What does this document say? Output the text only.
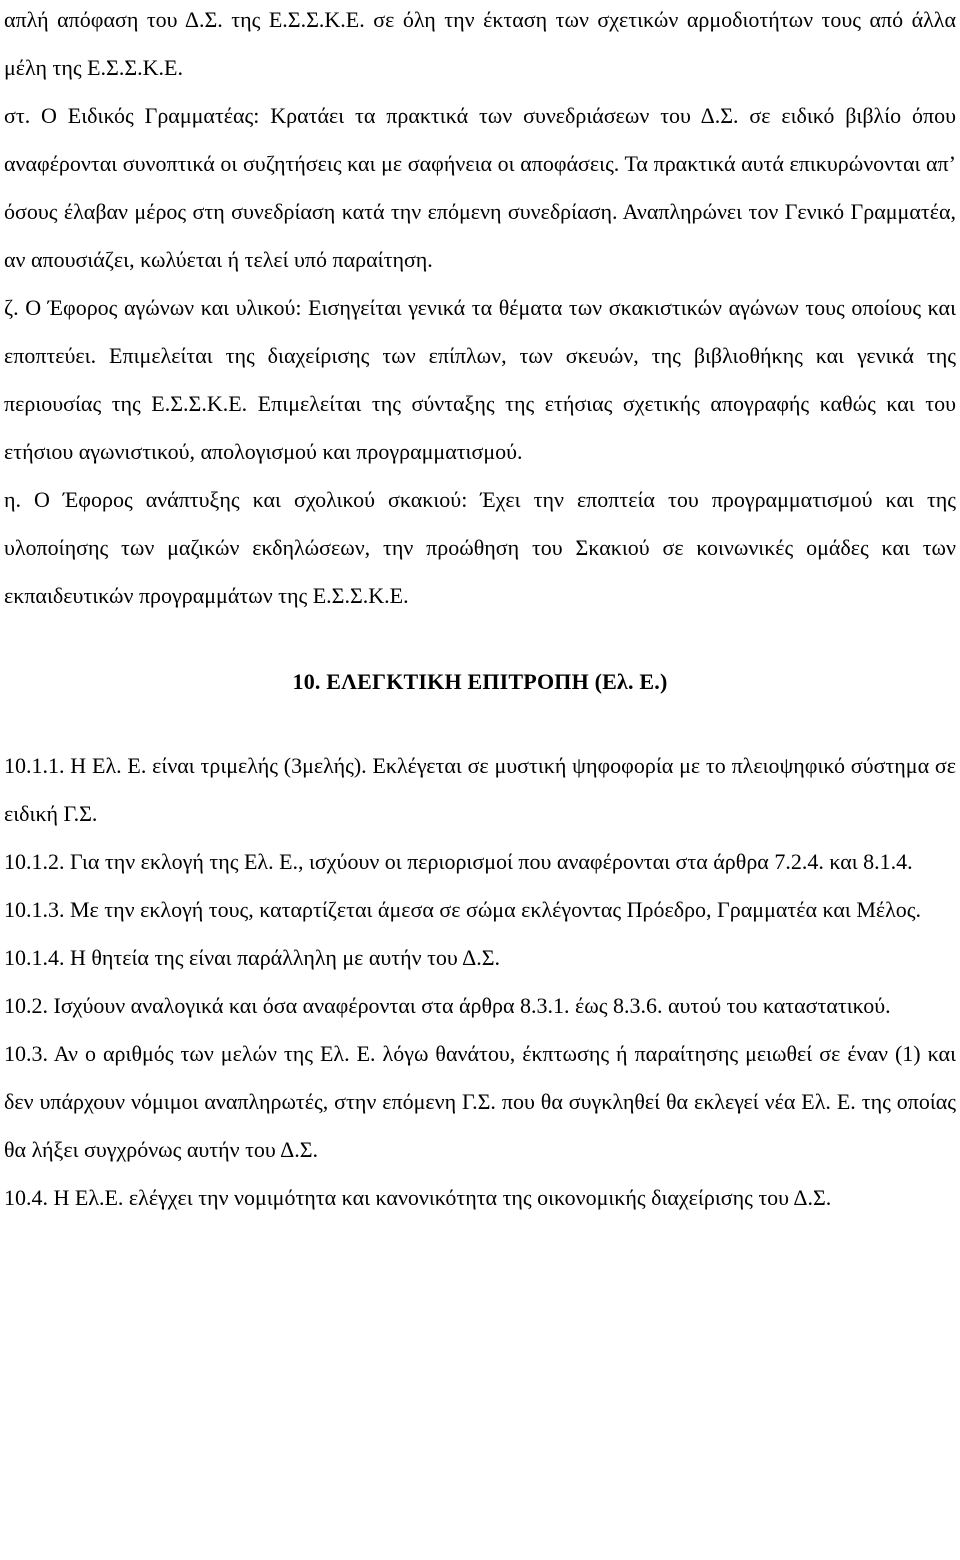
απλή απόφαση του Δ.Σ. της Ε.Σ.Σ.Κ.Ε. σε όλη την έκταση των σχετικών αρμοδιοτήτων τους από άλλα μέλη της Ε.Σ.Σ.Κ.Ε.

στ. Ο Ειδικός Γραμματέας: Κρατάει τα πρακτικά των συνεδριάσεων του Δ.Σ. σε ειδικό βιβλίο όπου αναφέρονται συνοπτικά οι συζητήσεις και με σαφήνεια οι αποφάσεις. Τα πρακτικά αυτά επικυρώνονται απ’ όσους έλαβαν μέρος στη συνεδρίαση κατά την επόμενη συνεδρίαση. Αναπληρώνει τον Γενικό Γραμματέα, αν απουσιάζει, κωλύεται ή τελεί υπό παραίτηση.

ζ. Ο Έφορος αγώνων και υλικού: Εισηγείται γενικά τα θέματα των σκακιστικών αγώνων τους οποίους και εποπτεύει. Επιμελείται της διαχείρισης των επίπλων, των σκευών, της βιβλιοθήκης και γενικά της περιουσίας της Ε.Σ.Σ.Κ.Ε. Επιμελείται της σύνταξης της ετήσιας σχετικής απογραφής καθώς και του ετήσιου αγωνιστικού, απολογισμού και προγραμματισμού.

η. Ο Έφορος ανάπτυξης και σχολικού σκακιού: Έχει την εποπτεία του προγραμματισμού και της υλοποίησης των μαζικών εκδηλώσεων, την προώθηση του Σκακιού σε κοινωνικές ομάδες και των εκπαιδευτικών προγραμμάτων της Ε.Σ.Σ.Κ.Ε.

10. ΕΛΕΓΚΤΙΚΗ ΕΠΙΤΡΟΠΗ (Ελ. Ε.)

10.1.1. Η Ελ. Ε. είναι τριμελής (3μελής). Εκλέγεται σε μυστική ψηφοφορία με το πλειοψηφικό σύστημα σε ειδική Γ.Σ.

10.1.2. Για την εκλογή της Ελ. Ε., ισχύουν οι περιορισμοί που αναφέρονται στα άρθρα 7.2.4. και 8.1.4.

10.1.3. Με την εκλογή τους, καταρτίζεται άμεσα σε σώμα εκλέγοντας Πρόεδρο, Γραμματέα και Μέλος.

10.1.4. Η θητεία της είναι παράλληλη με αυτήν του Δ.Σ.

10.2. Ισχύουν αναλογικά και όσα αναφέρονται στα άρθρα 8.3.1. έως 8.3.6. αυτού του καταστατικού.

10.3. Αν ο αριθμός των μελών της Ελ. Ε. λόγω θανάτου, έκπτωσης ή παραίτησης μειωθεί σε έναν (1) και δεν υπάρχουν νόμιμοι αναπληρωτές, στην επόμενη Γ.Σ. που θα συγκληθεί θα εκλεγεί νέα Ελ. Ε. της οποίας θα λήξει συγχρόνως αυτήν του Δ.Σ.

10.4. Η Ελ.Ε. ελέγχει την νομιμότητα και κανονικότητα της οικονομικής διαχείρισης του Δ.Σ.
